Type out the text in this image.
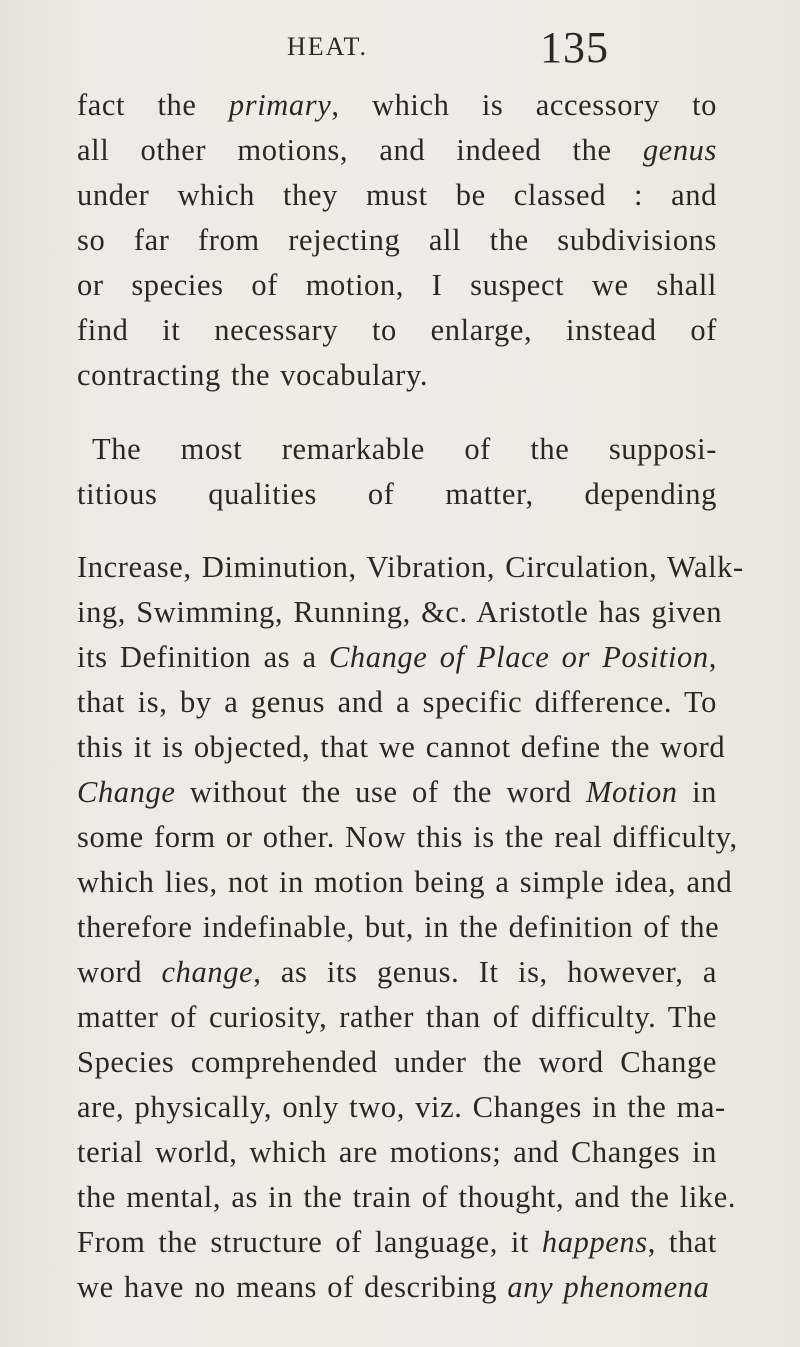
HEAT.	135
fact the primary, which is accessory to
all other motions, and indeed the genus
under which they must be classed : and
so far from rejecting all the subdivisions
or species of motion, I suspect we shall
find it necessary to enlarge, instead of
contracting the vocabulary.
The most remarkable of the supposi-
titious qualities of matter, depending
Increase, Diminution, Vibration, Circulation, Walk-
ing, Swimming, Running, &c. Aristotle has given
its Definition as a Change of Place or Position,
that is, by a genus and a specific difference. To
this it is objected, that we cannot define the word
Change without the use of the word Motion in
some form or other. Now this is the real difficulty,
which lies, not in motion being a simple idea, and
therefore indefinable, but, in the definition of the
word change, as its genus. It is, however, a
matter of curiosity, rather than of difficulty. The
Species comprehended under the word Change
are, physically, only two, viz. Changes in the ma-
terial world, which are motions; and Changes in
the mental, as in the train of thought, and the like.
From the structure of language, it happens, that
we have no means of describing any phenomena
